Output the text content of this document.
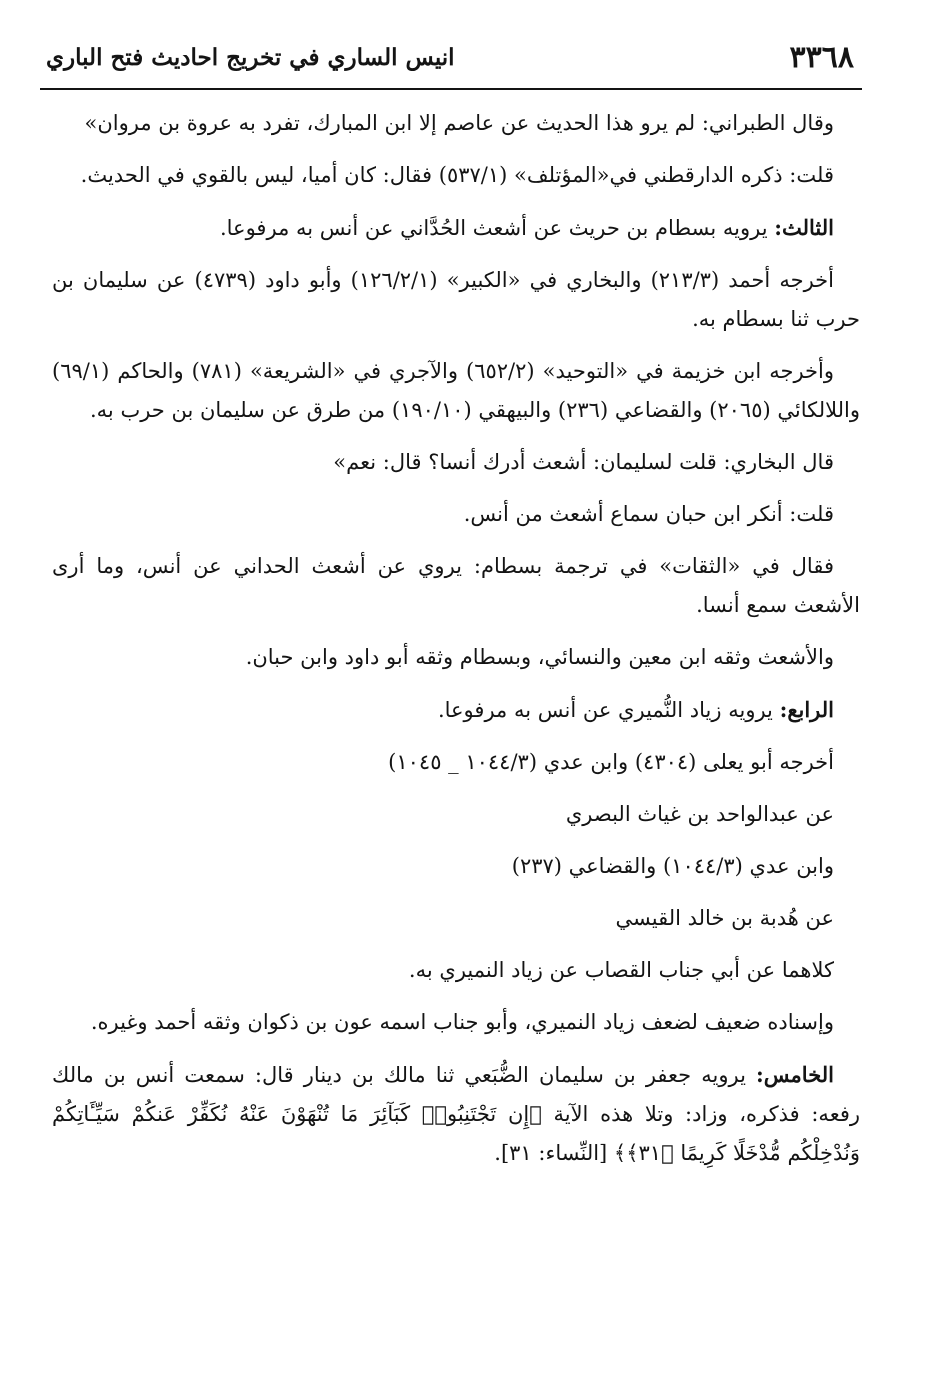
٣٣٦٨
انيس الساري في تخريج احاديث فتح الباري

وقال الطبراني: لم يرو هذا الحديث عن عاصم إلا ابن المبارك، تفرد به عروة بن مروان»

قلت: ذكره الدارقطني في«المؤتلف» (٥٣٧/١) فقال: كان أميا، ليس بالقوي في الحديث.

الثالث: يرويه بسطام بن حريث عن أشعث الحُدَّاني عن أنس به مرفوعا.

أخرجه أحمد (٢١٣/٣) والبخاري في «الكبير» (١٢٦/٢/١) وأبو داود (٤٧٣٩) عن سليمان بن حرب ثنا بسطام به.

وأخرجه ابن خزيمة في «التوحيد» (٦٥٢/٢) والآجري في «الشريعة» (٧٨١) والحاكم (٦٩/١) واللالكائي (٢٠٦٥) والقضاعي (٢٣٦) والبيهقي (١٩٠/١٠) من طرق عن سليمان بن حرب به.

قال البخاري: قلت لسليمان: أشعث أدرك أنسا؟ قال: نعم»

قلت: أنكر ابن حبان سماع أشعث من أنس.

فقال في «الثقات» في ترجمة بسطام: يروي عن أشعث الحداني عن أنس، وما أرى الأشعث سمع أنسا.

والأشعث وثقه ابن معين والنسائي، وبسطام وثقه أبو داود وابن حبان.

الرابع: يرويه زياد النُّميري عن أنس به مرفوعا.

أخرجه أبو يعلى (٤٣٠٤) وابن عدي (١٠٤٤/٣ _ ١٠٤٥)

عن عبدالواحد بن غياث البصري

وابن عدي (١٠٤٤/٣) والقضاعي (٢٣٧)

عن هُدبة بن خالد القيسي

كلاهما عن أبي جناب القصاب عن زياد النميري به.

وإسناده ضعيف لضعف زياد النميري، وأبو جناب اسمه عون بن ذكوان وثقه أحمد وغيره.

الخامس: يرويه جعفر بن سليمان الضُّبَعي ثنا مالك بن دينار قال: سمعت أنس بن مالك رفعه: فذكره، وزاد: وتلا هذه الآية ﴿إِن تَجْتَنِبُوا۟ كَبَآئِرَ مَا تُنْهَوْنَ عَنْهُ نُكَفِّرْ عَنكُمْ سَيِّـَٔاتِكُمْ وَنُدْخِلْكُم مُّدْخَلًا كَرِيمًا ﴿٣١﴾﴾ [النِّساء: ٣١].
